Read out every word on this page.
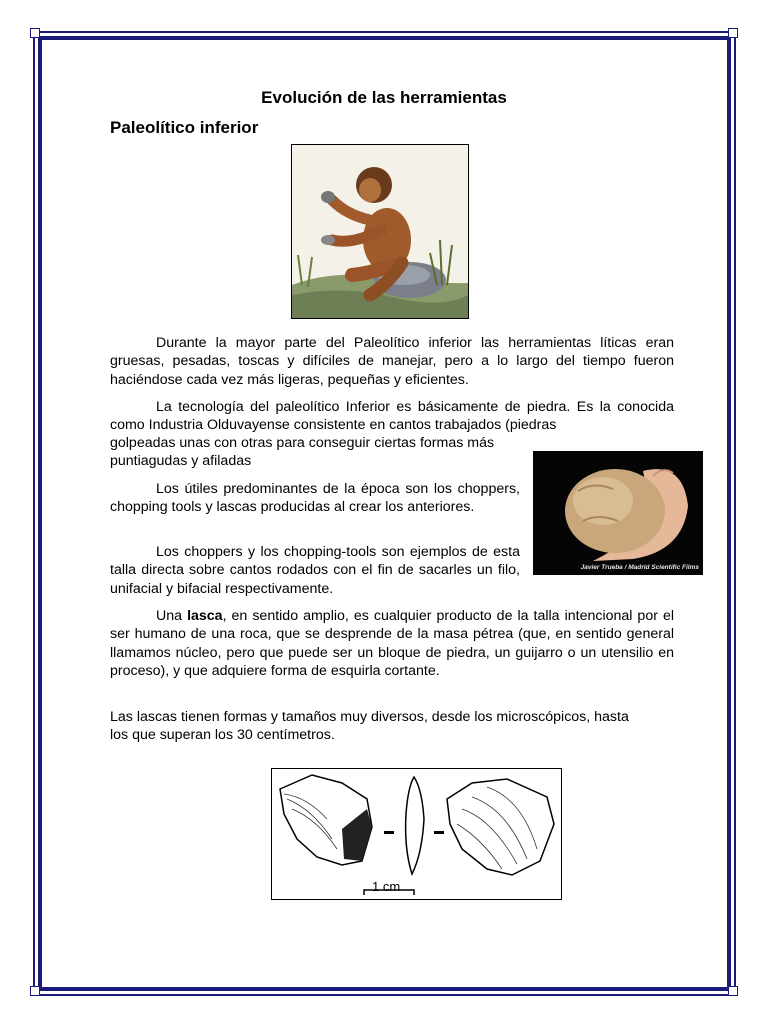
Evolución de las herramientas
Paleolítico inferior

Durante la mayor parte del Paleolítico inferior las herramientas líticas eran gruesas, pesadas, toscas y difíciles de manejar, pero a lo largo del tiempo fueron haciéndose cada vez más ligeras, pequeñas y eficientes.

La tecnología del paleolítico Inferior es básicamente de piedra. Es la conocida como Industria Olduvayense consistente en cantos trabajados (piedras

golpeadas unas con otras para conseguir ciertas formas más puntiagudas y afiladas

Los útiles predominantes de la época son los choppers, chopping tools y lascas producidas al crear los anteriores.

Los choppers y los chopping-tools son ejemplos de esta talla directa sobre cantos rodados con el fin de sacarles un filo, unifacial y bifacial respectivamente.

Javier Trueba / Madrid Scientific Films

Una lasca, en sentido amplio, es cualquier producto de la talla intencional por el ser humano de una roca, que se desprende de la masa pétrea (que, en sentido general llamamos núcleo, pero que puede ser un bloque de piedra, un guijarro o un utensilio en proceso), y que adquiere forma de esquirla cortante.

Las lascas tienen formas y tamaños muy diversos, desde los microscópicos, hasta los que superan los 30 centímetros.

1 cm
